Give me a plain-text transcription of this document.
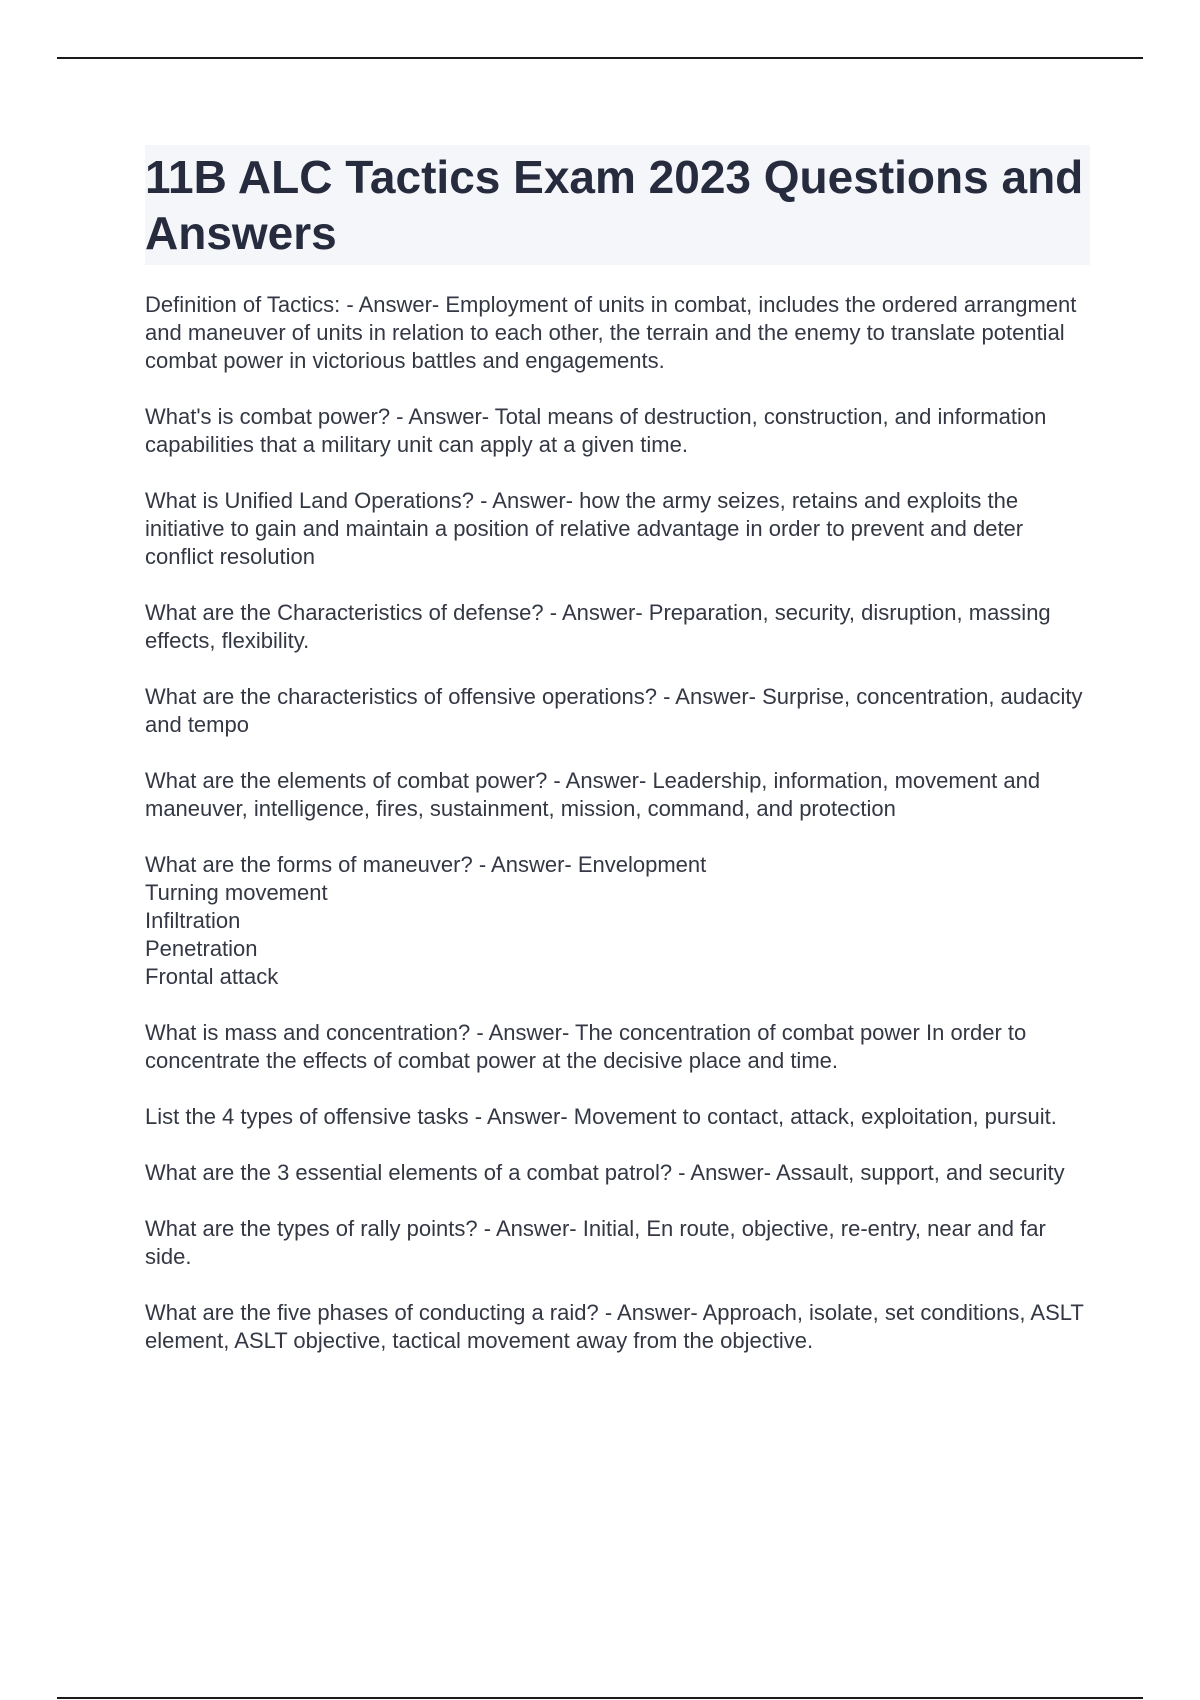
11B ALC Tactics Exam 2023 Questions and Answers

Definition of Tactics: - Answer- Employment of units in combat, includes the ordered arrangment and maneuver of units in relation to each other, the terrain and the enemy to translate potential combat power in victorious battles and engagements.

What's is combat power? - Answer- Total means of destruction, construction, and information capabilities that a military unit can apply at a given time.

What is Unified Land Operations? - Answer- how the army seizes, retains and exploits the initiative to gain and maintain a position of relative advantage in order to prevent and deter conflict resolution

What are the Characteristics of defense? - Answer- Preparation, security, disruption, massing effects, flexibility.

What are the characteristics of offensive operations? - Answer- Surprise, concentration, audacity and tempo

What are the elements of combat power? - Answer- Leadership, information, movement and maneuver, intelligence, fires, sustainment, mission, command, and protection

What are the forms of maneuver? - Answer- Envelopment
Turning movement
Infiltration
Penetration
Frontal attack

What is mass and concentration? - Answer- The concentration of combat power In order to concentrate the effects of combat power at the decisive place and time.

List the 4 types of offensive tasks - Answer- Movement to contact, attack, exploitation, pursuit.

What are the 3 essential elements of a combat patrol? - Answer- Assault, support, and security

What are the types of rally points? - Answer- Initial, En route, objective, re-entry, near and far side.

What are the five phases of conducting a raid? - Answer- Approach, isolate, set conditions, ASLT element, ASLT objective, tactical movement away from the objective.
